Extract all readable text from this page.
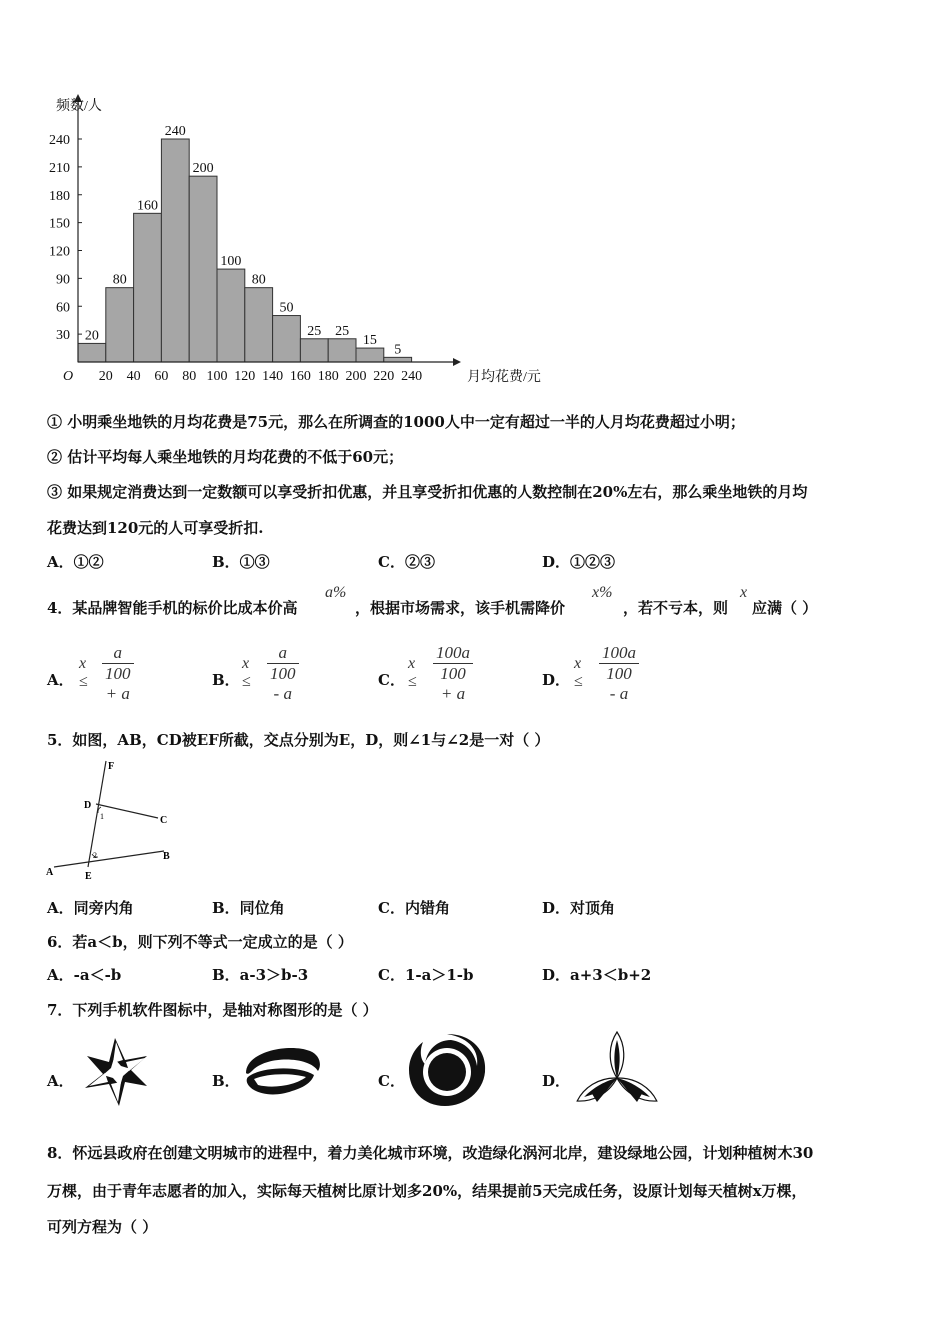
20
80
160
240
200
100
80
50
25 25
15
5
30
60
90
120
150
180
210
240
20 40 60 80 100 120 140 160 180 200 220 240
O
频数/人
月均花费/元
① 小明乘坐地铁的月均花费是75元，那么在所调查的1000人中一定有超过一半的人月均花费超过小明；
② 估计平均每人乘坐地铁的月均花费的不低于60元；
③ 如果规定消费达到一定数额可以享受折扣优惠，并且享受折扣优惠的人数控制在20%左右，那么乘坐地铁的月均
花费达到120元的人可享受折扣.
A．①②	B．①③	C．②③	D．①②③
4．某品牌智能手机的标价比成本价高
a%
，根据市场需求，该手机需降价
x%
，若不亏本，则
x
应满（ ）
A．
$x \le \frac{a}{100 + a}$	B．
$x \le \frac{a}{100 - a}$	C．
$x \le \frac{100a}{100 + a}$	D．
$x \le \frac{100a}{100 - a}$
5．如图，AB，CD被EF所截，交点分别为E，D，则∠1与∠2是一对（ ）
F
D
C
1
2
A	E
B
A．同旁内角	B．同位角	C．内错角	D．对顶角
6．若a＜b，则下列不等式一定成立的是（ ）
A．-a＜-b	B．a-3＞b-3	C．1-a＞1-b	D．a+3＜b+2
7．下列手机软件图标中，是轴对称图形的是（ ）
A．	B．	C．	D．
8．怀远县政府在创建文明城市的进程中，着力美化城市环境，改造绿化涡河北岸，建设绿地公园，计划种植树木30
万棵，由于青年志愿者的加入，实际每天植树比原计划多20%，结果提前5天完成任务，设原计划每天植树x万棵，
可列方程为（ ）
